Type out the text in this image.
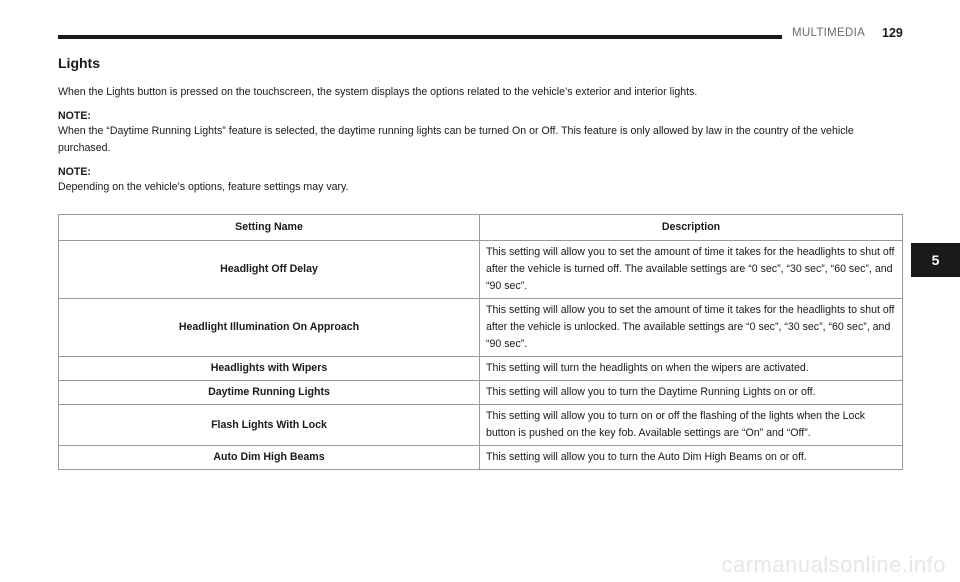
MULTIMEDIA 129
5
Lights

When the Lights button is pressed on the touchscreen, the system displays the options related to the vehicle’s exterior and interior lights.

NOTE:

When the “Daytime Running Lights” feature is selected, the daytime running lights can be turned On or Off. This feature is only allowed by law in the country of the vehicle purchased.

NOTE:

Depending on the vehicle’s options, feature settings may vary.

Setting Name	Description
Headlight Off Delay	This setting will allow you to set the amount of time it takes for the headlights to shut off after the vehicle is turned off. The available settings are “0 sec”, “30 sec”, “60 sec”, and “90 sec”.
Headlight Illumination On Approach	This setting will allow you to set the amount of time it takes for the headlights to shut off after the vehicle is unlocked. The available settings are “0 sec”, “30 sec”, “60 sec”, and “90 sec”.
Headlights with Wipers	This setting will turn the headlights on when the wipers are activated.
Daytime Running Lights	This setting will allow you to turn the Daytime Running Lights on or off.
Flash Lights With Lock	This setting will allow you to turn on or off the flashing of the lights when the Lock button is pushed on the key fob. Available settings are “On” and “Off”.
Auto Dim High Beams	This setting will allow you to turn the Auto Dim High Beams on or off.
carmanualsonline.info
